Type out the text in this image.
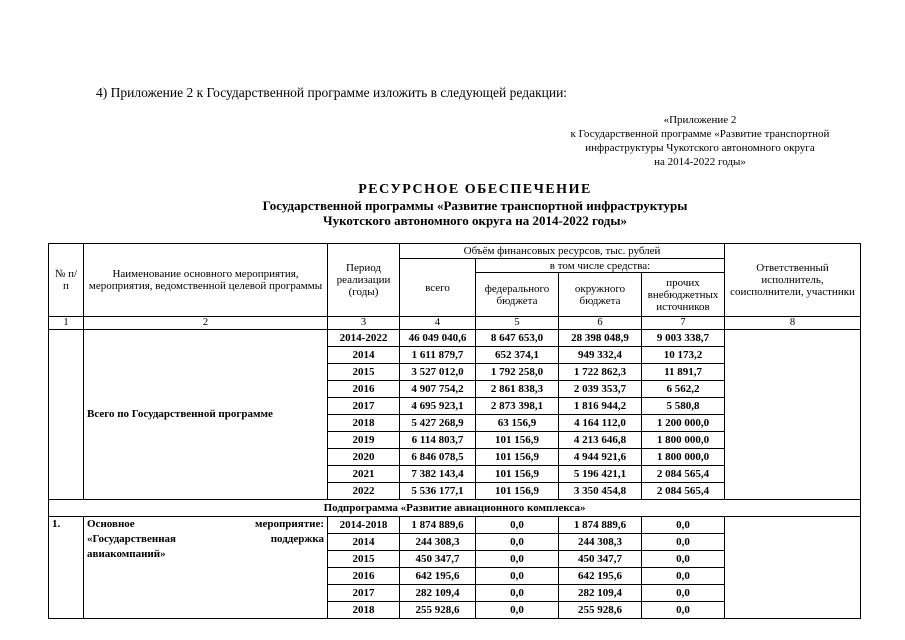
4) Приложение 2 к Государственной программе изложить в следующей редакции:
«Приложение 2
к Государственной программе «Развитие транспортной
инфраструктуры Чукотского автономного округа
на 2014-2022 годы»
РЕСУРСНОЕ ОБЕСПЕЧЕНИЕ
Государственной программы «Развитие транспортной инфраструктуры
Чукотского автономного округа на 2014-2022 годы»
№ п/п	Наименование основного мероприятия, мероприятия, ведомственной целевой программы	Период реализации (годы)	Объём финансовых ресурсов, тыс. рублей				Ответственный исполнитель, соисполнители, участники
			всего	в том числе средства:			
				федерального бюджета	окружного бюджета	прочих внебюджетных источников	
1	2	3	4	5	6	7	8
	Всего по Государственной программе	2014-2022	46 049 040,6	8 647 653,0	28 398 048,9	9 003 338,7	
		2014	1 611 879,7	652 374,1	949 332,4	10 173,2	
		2015	3 527 012,0	1 792 258,0	1 722 862,3	11 891,7	
		2016	4 907 754,2	2 861 838,3	2 039 353,7	6 562,2	
		2017	4 695 923,1	2 873 398,1	1 816 944,2	5 580,8	
		2018	5 427 268,9	63 156,9	4 164 112,0	1 200 000,0	
		2019	6 114 803,7	101 156,9	4 213 646,8	1 800 000,0	
		2020	6 846 078,5	101 156,9	4 944 921,6	1 800 000,0	
		2021	7 382 143,4	101 156,9	5 196 421,1	2 084 565,4	
		2022	5 536 177,1	101 156,9	3 350 454,8	2 084 565,4	
Подпрограмма «Развитие авиационного комплекса»							
1.	Основное мероприятие:
«Государственная поддержка
авиакомпаний»	2014-2018	1 874 889,6	0,0	1 874 889,6	0,0	
		2014	244 308,3	0,0	244 308,3	0,0	
		2015	450 347,7	0,0	450 347,7	0,0	
		2016	642 195,6	0,0	642 195,6	0,0	
		2017	282 109,4	0,0	282 109,4	0,0	
		2018	255 928,6	0,0	255 928,6	0,0	
